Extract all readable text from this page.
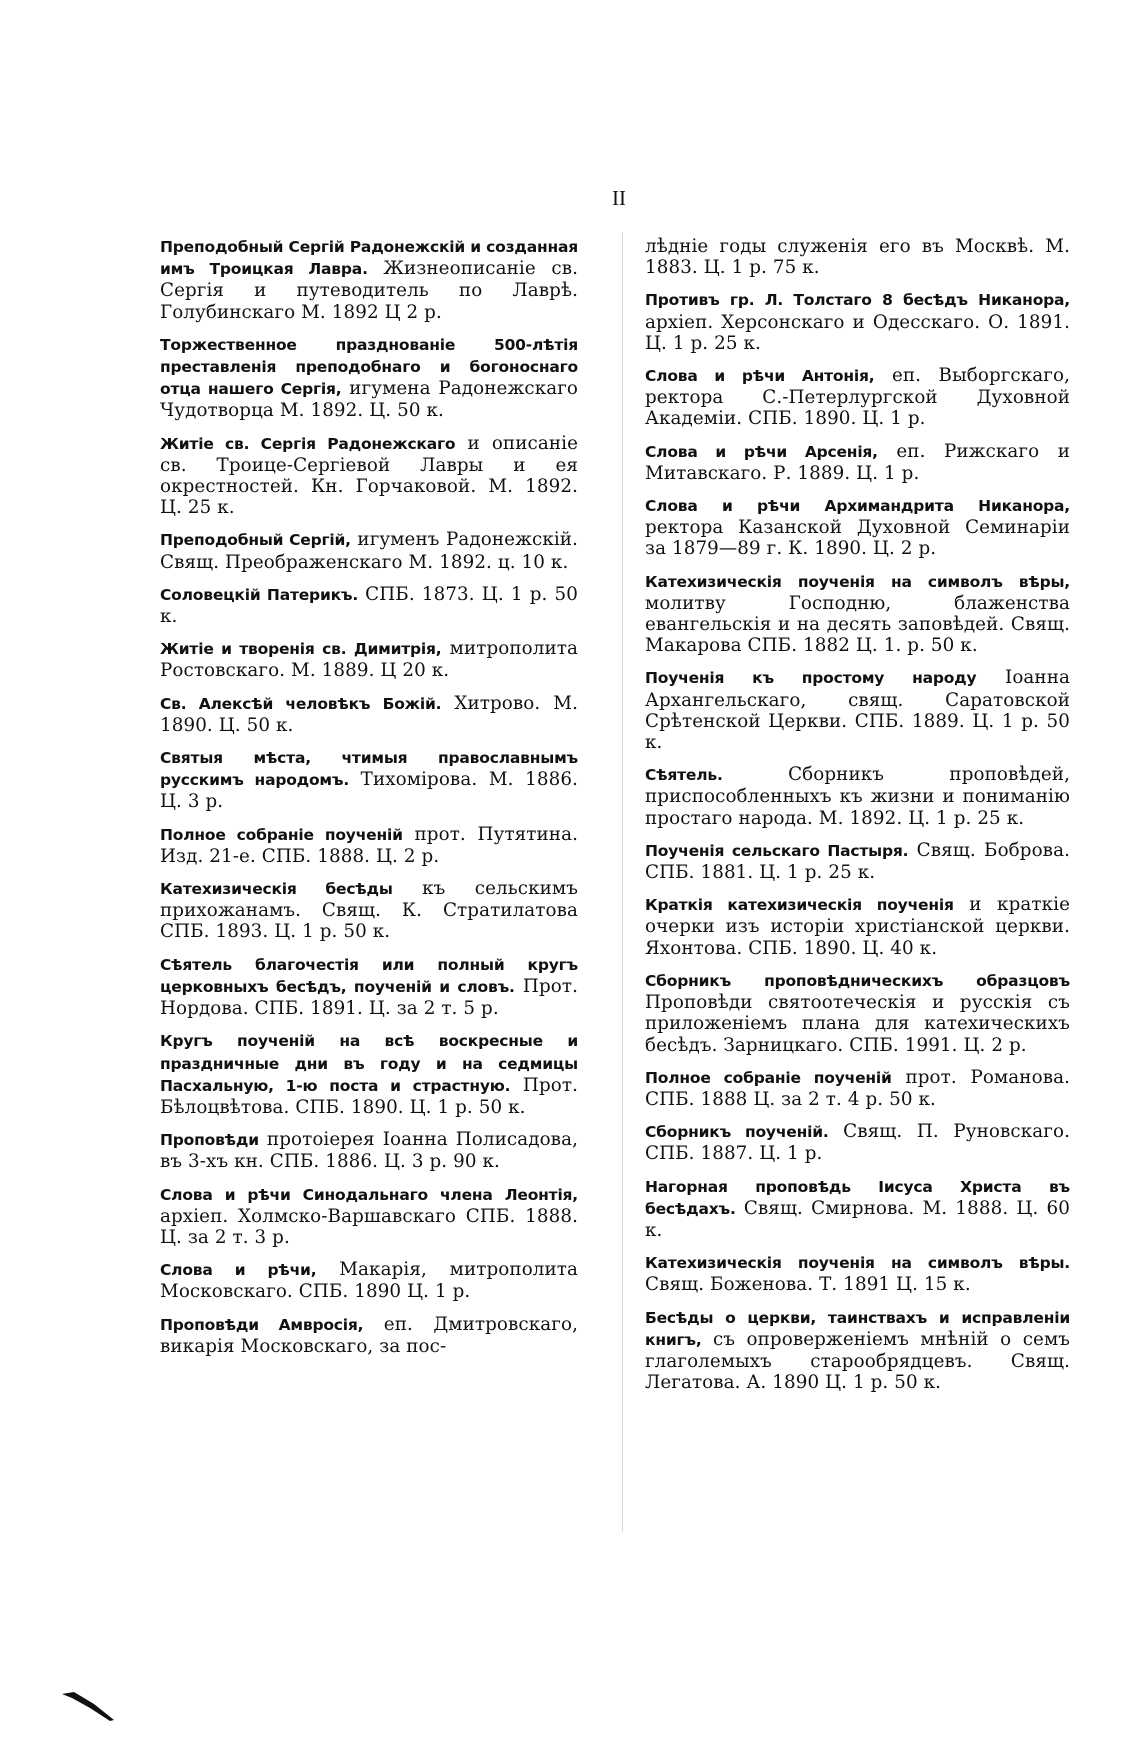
II

Преподобный Сергій Радонежскій и созданная имъ Троицкая Лавра. Жизнеописаніе св. Сергія и путеводитель по Лаврѣ. Голубинскаго М. 1892 Ц 2 р.

Торжественное празднованіе 500-лѣтія преставленія преподобнаго и богоноснаго отца нашего Сергія, игумена Радонежскаго Чудотворца М. 1892. Ц. 50 к.

Житіе св. Сергія Радонежскаго и описаніе св. Троице-Сергіевой Лавры и ея окрестностей. Кн. Горчаковой. М. 1892. Ц. 25 к.

Преподобный Сергій, игуменъ Радонежскій. Свящ. Преображенскаго М. 1892. ц. 10 к.

Соловецкій Патерикъ. СПБ. 1873. Ц. 1 р. 50 к.

Житіе и творенія св. Димитрія, митрополита Ростовскаго. М. 1889. Ц 20 к.

Св. Алексѣй человѣкъ Божій. Хитрово. М. 1890. Ц. 50 к.

Святыя мѣста, чтимыя православнымъ русскимъ народомъ. Тихомірова. М. 1886. Ц. 3 р.

Полное собраніе поученій прот. Путятина. Изд. 21-е. СПБ. 1888. Ц. 2 р.

Катехизическія бесѣды къ сельскимъ прихожанамъ. Свящ. К. Стратилатова СПБ. 1893. Ц. 1 р. 50 к.

Сѣятель благочестія или полный кругъ церковныхъ бесѣдъ, поученій и словъ. Прот. Нордова. СПБ. 1891. Ц. за 2 т. 5 р.

Кругъ поученій на всѣ воскресные и праздничные дни въ году и на седмицы Пасхальную, 1-ю поста и страстную. Прот. Бѣлоцвѣтова. СПБ. 1890. Ц. 1 р. 50 к.

Проповѣди протоіерея Іоанна Полисадова, въ 3-хъ кн. СПБ. 1886. Ц. 3 р. 90 к.

Слова и рѣчи Синодальнаго члена Леонтія, архіеп. Холмско-Варшавскаго СПБ. 1888. Ц. за 2 т. 3 р.

Слова и рѣчи, Макарія, митрополита Московскаго. СПБ. 1890 Ц. 1 р.

Проповѣди Амвросія, еп. Дмитровскаго, викарія Московскаго, за пос-

лѣдніе годы служенія его въ Москвѣ. М. 1883. Ц. 1 р. 75 к.

Противъ гр. Л. Толстаго 8 бесѣдъ Никанора, архіеп. Херсонскаго и Одесскаго. О. 1891. Ц. 1 р. 25 к.

Слова и рѣчи Антонія, еп. Выборгскаго, ректора С.-Петерлургской Духовной Академіи. СПБ. 1890. Ц. 1 р.

Слова и рѣчи Арсенія, еп. Рижскаго и Митавскаго. Р. 1889. Ц. 1 р.

Слова и рѣчи Архимандрита Никанора, ректора Казанской Духовной Семинаріи за 1879—89 г. К. 1890. Ц. 2 р.

Катехизическія поученія на символъ вѣры, молитву Господню, блаженства евангельскія и на десять заповѣдей. Свящ. Макарова СПБ. 1882 Ц. 1. р. 50 к.

Поученія къ простому народу Іоанна Архангельскаго, свящ. Саратовской Срѣтенской Церкви. СПБ. 1889. Ц. 1 р. 50 к.

Сѣятель.	Сборникъ проповѣдей, приспособленныхъ къ жизни и пониманію простаго народа. М. 1892. Ц. 1 р. 25 к.

Поученія сельскаго Пастыря. Свящ. Боброва. СПБ. 1881. Ц. 1 р. 25 к.

Краткія катехизическія поученія и краткіе очерки изъ исторіи христіанской церкви. Яхонтова. СПБ. 1890. Ц. 40 к.

Сборникъ проповѣдническихъ образцовъ Проповѣди святоотеческія и русскія съ приложеніемъ плана для катехическихъ бесѣдъ. Зарницкаго. СПБ. 1991. Ц. 2 р.

Полное собраніе поученій прот. Романова. СПБ. 1888 Ц. за 2 т. 4 р. 50 к.

Сборникъ поученій. Свящ. П. Руновскаго. СПБ. 1887. Ц. 1 р.

Нагорная проповѣдь Іисуса Христа въ бесѣдахъ. Свящ. Смирнова. М. 1888. Ц. 60 к.

Катехизическія поученія на символъ вѣры. Свящ. Боженова. Т. 1891 Ц. 15 к.

Бесѣды о церкви, таинствахъ и исправленіи книгъ, съ опроверженіемъ мнѣній о семъ глаголемыхъ старообрядцевъ. Свящ. Легатова. А. 1890 Ц. 1 р. 50 к.
